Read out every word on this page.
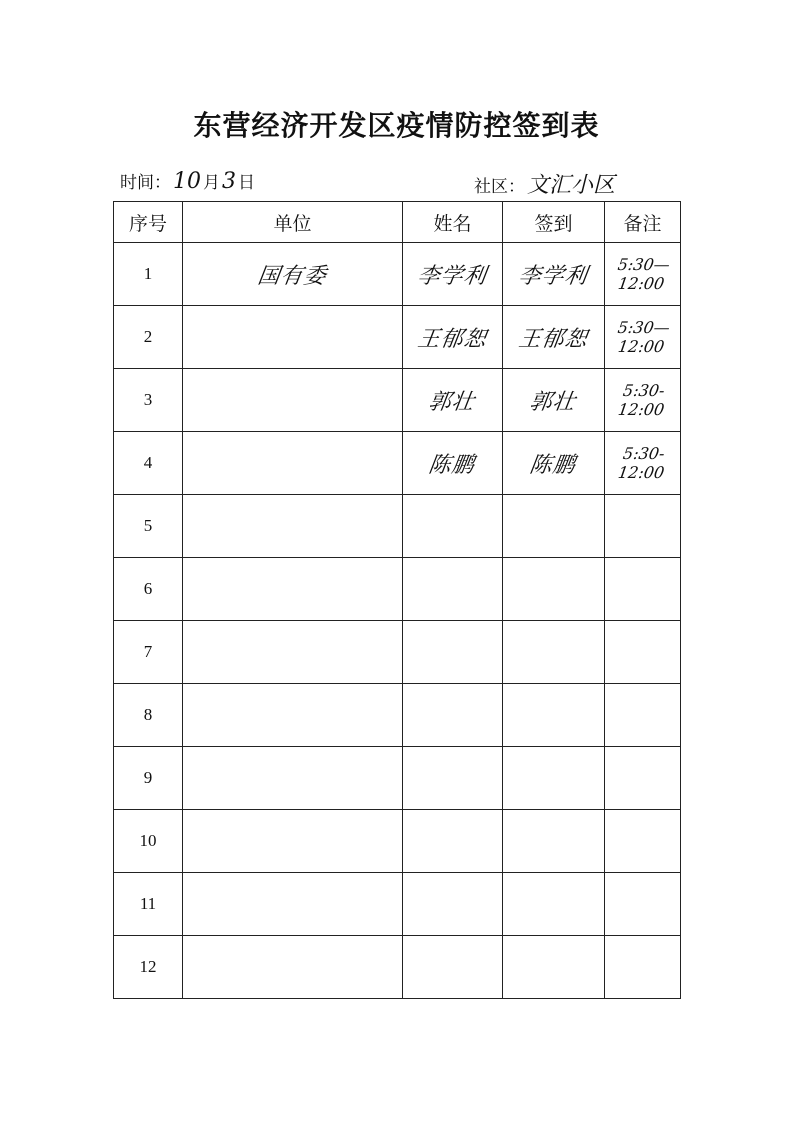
东营经济开发区疫情防控签到表
时间：10 月3 日	社区：文汇小区
序号	单位	姓名	签到	备注
1	国有委	李学利	李学利	5:30—12:00
2		王郁恕	王郁恕	5:30—12:00
3		郭壮	郭壮	5:30-12:00
4		陈鹏	陈鹏	5:30-12:00
5				
6				
7				
8				
9				
10				
11				
12				
